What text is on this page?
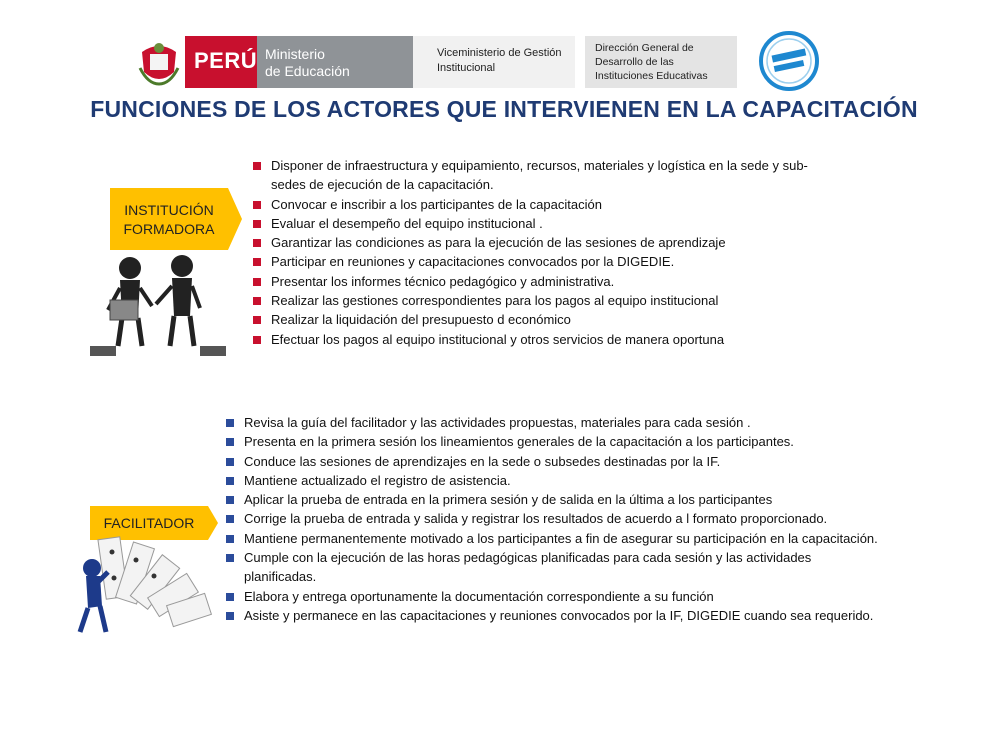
PERÚ Ministerio
de Educación
Viceministerio de Gestión
Institucional
Dirección General de
Desarrollo de las
Instituciones Educativas
FUNCIONES DE LOS ACTORES QUE INTERVIENEN EN LA CAPACITACIÓN
INSTITUCIÓN
FORMADORA
Disponer de infraestructura y equipamiento, recursos, materiales y logística en la sede y sub-sedes de ejecución de la capacitación.
Convocar e inscribir a los participantes de la capacitación
Evaluar el desempeño del equipo institucional .
Garantizar las condiciones as para la ejecución de las sesiones de aprendizaje
Participar en reuniones y capacitaciones convocados por la DIGEDIE.
Presentar los informes técnico pedagógico y administrativa.
Realizar las gestiones correspondientes para los pagos al equipo institucional
Realizar la liquidación del presupuesto d económico
Efectuar los pagos al equipo institucional y otros servicios de manera oportuna
FACILITADOR
Revisa la guía del facilitador y las actividades propuestas, materiales para cada sesión .
Presenta en la primera sesión los lineamientos generales de la capacitación a los participantes.
Conduce las sesiones de aprendizajes en la sede o subsedes destinadas por la IF.
Mantiene actualizado el registro de asistencia.
Aplicar la prueba de entrada en la primera sesión y de salida en la última a los participantes
Corrige la prueba de entrada y salida y registrar los resultados de acuerdo a l formato proporcionado.
Mantiene permanentemente motivado a los participantes a fin de asegurar su participación en la capacitación.
Cumple con la ejecución de las horas pedagógicas planificadas para cada sesión y las actividades planificadas.
Elabora y entrega oportunamente la documentación correspondiente a su función
Asiste y permanece en las capacitaciones y reuniones convocados por la IF, DIGEDIE cuando sea requerido.
